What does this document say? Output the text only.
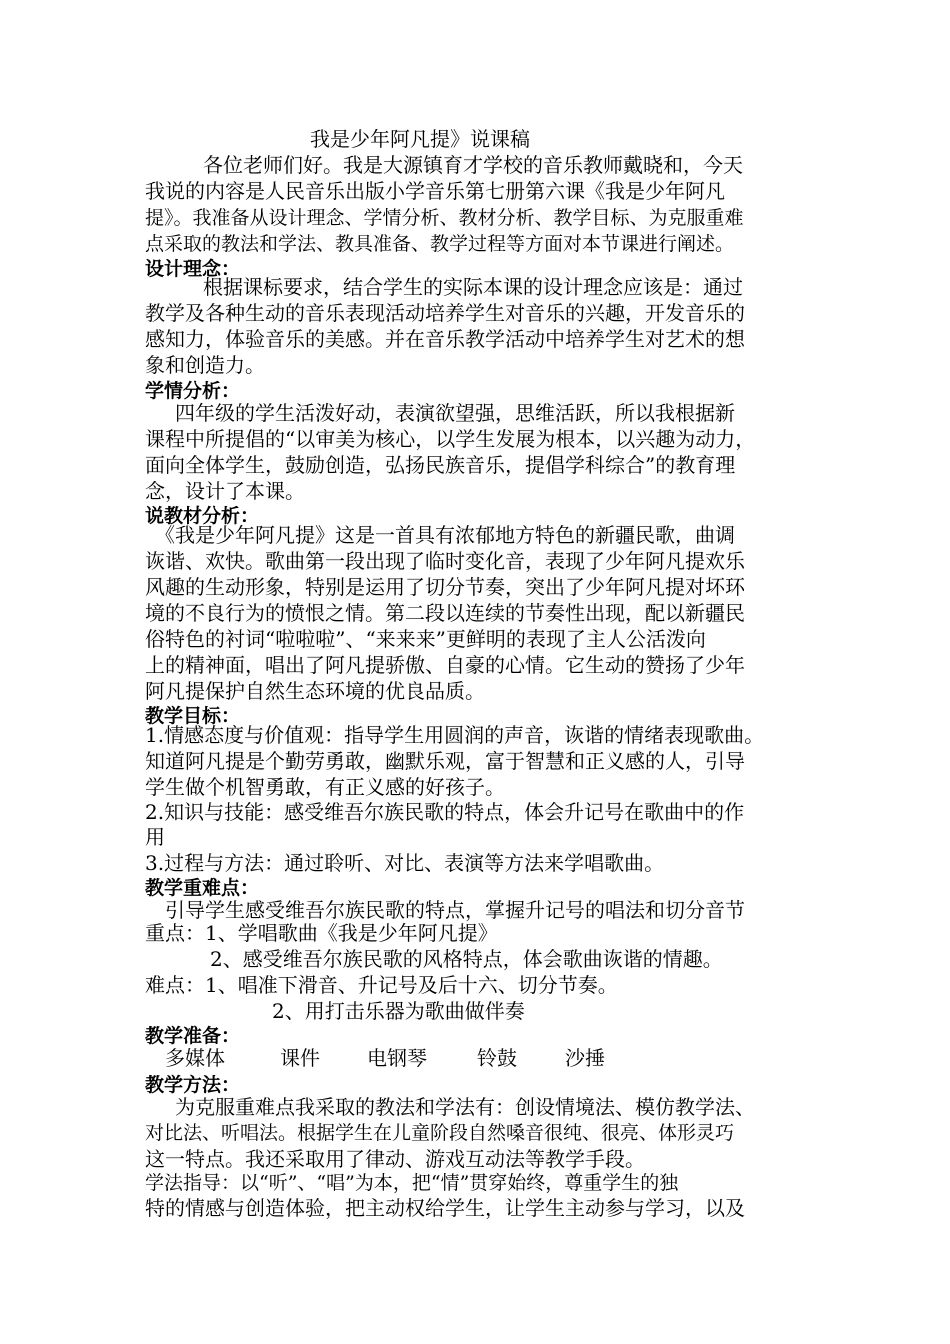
我是少年阿凡提》说课稿
各位老师们好。我是大源镇育才学校的音乐教师戴晓和，今天
我说的内容是人民音乐出版小学音乐第七册第六课《我是少年阿凡
提》。我准备从设计理念、学情分析、教材分析、教学目标、为克服重难
点采取的教法和学法、教具准备、教学过程等方面对本节课进行阐述。
设计理念：
根据课标要求，结合学生的实际本课的设计理念应该是：通过
教学及各种生动的音乐表现活动培养学生对音乐的兴趣，开发音乐的
感知力，体验音乐的美感。并在音乐教学活动中培养学生对艺术的想
象和创造力。
学情分析：
四年级的学生活泼好动，表演欲望强，思维活跃，所以我根据新
课程中所提倡的“以审美为核心，以学生发展为根本，以兴趣为动力，
面向全体学生，鼓励创造，弘扬民族音乐，提倡学科综合”的教育理
念，设计了本课。
说教材分析：
《我是少年阿凡提》这是一首具有浓郁地方特色的新疆民歌，曲调
诙谐、欢快。歌曲第一段出现了临时变化音，表现了少年阿凡提欢乐
风趣的生动形象，特别是运用了切分节奏，突出了少年阿凡提对坏环
境的不良行为的愤恨之情。第二段以连续的节奏性出现，配以新疆民
俗特色的衬词“啦啦啦”、“来来来”更鲜明的表现了主人公活泼向
上的精神面，唱出了阿凡提骄傲、自豪的心情。它生动的赞扬了少年
阿凡提保护自然生态环境的优良品质。
教学目标：
1.情感态度与价值观：指导学生用圆润的声音，诙谐的情绪表现歌曲。
知道阿凡提是个勤劳勇敢，幽默乐观，富于智慧和正义感的人，引导
学生做个机智勇敢，有正义感的好孩子。
2.知识与技能：感受维吾尔族民歌的特点，体会升记号在歌曲中的作
用
3.过程与方法：通过聆听、对比、表演等方法来学唱歌曲。
教学重难点：
引导学生感受维吾尔族民歌的特点，掌握升记号的唱法和切分音节
重点：1、学唱歌曲《我是少年阿凡提》
2、感受维吾尔族民歌的风格特点，体会歌曲诙谐的情趣。
难点：1、唱准下滑音、升记号及后十六、切分节奏。
2、用打击乐器为歌曲做伴奏
教学准备：
多媒体	课件 电钢琴	铃鼓 沙捶
教学方法：
为克服重难点我采取的教法和学法有：创设情境法、模仿教学法、
对比法、听唱法。根据学生在儿童阶段自然嗓音很纯、很亮、体形灵巧
这一特点。我还采取用了律动、游戏互动法等教学手段。
学法指导：以“听”、“唱”为本，把“情”贯穿始终，尊重学生的独
特的情感与创造体验，把主动权给学生，让学生主动参与学习，以及
